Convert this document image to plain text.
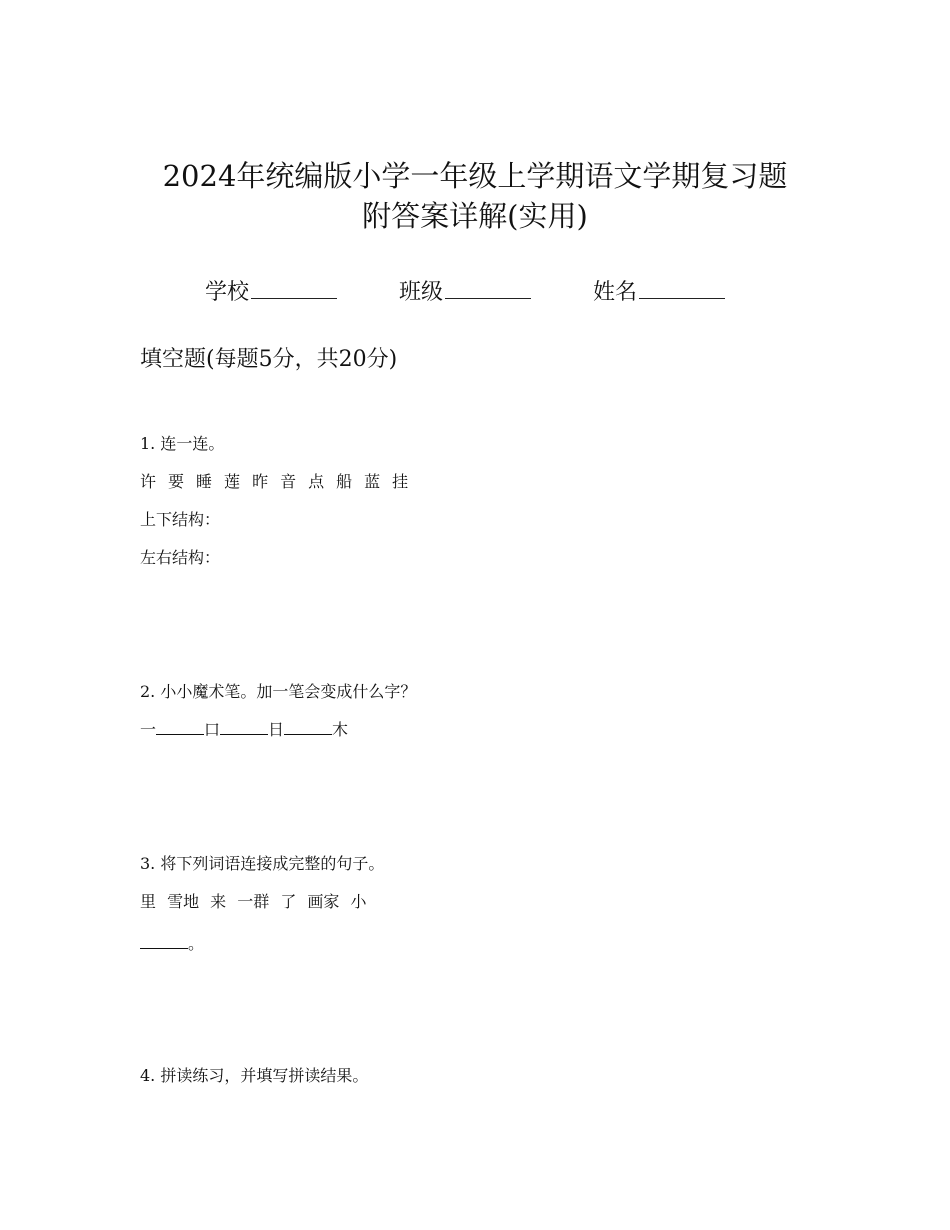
2024年统编版小学一年级上学期语文学期复习题
附答案详解(实用)
学校	班级	姓名
填空题(每题5分，共20分)
1. 连一连。
许 要 睡 莲 昨 音 点 船 蓝 挂
上下结构：
左右结构：
2. 小小魔术笔。加一笔会变成什么字？
一	口	日	木
3. 将下列词语连接成完整的句子。
里 雪地 来 一群 了 画家 小
。
4. 拼读练习，并填写拼读结果。
